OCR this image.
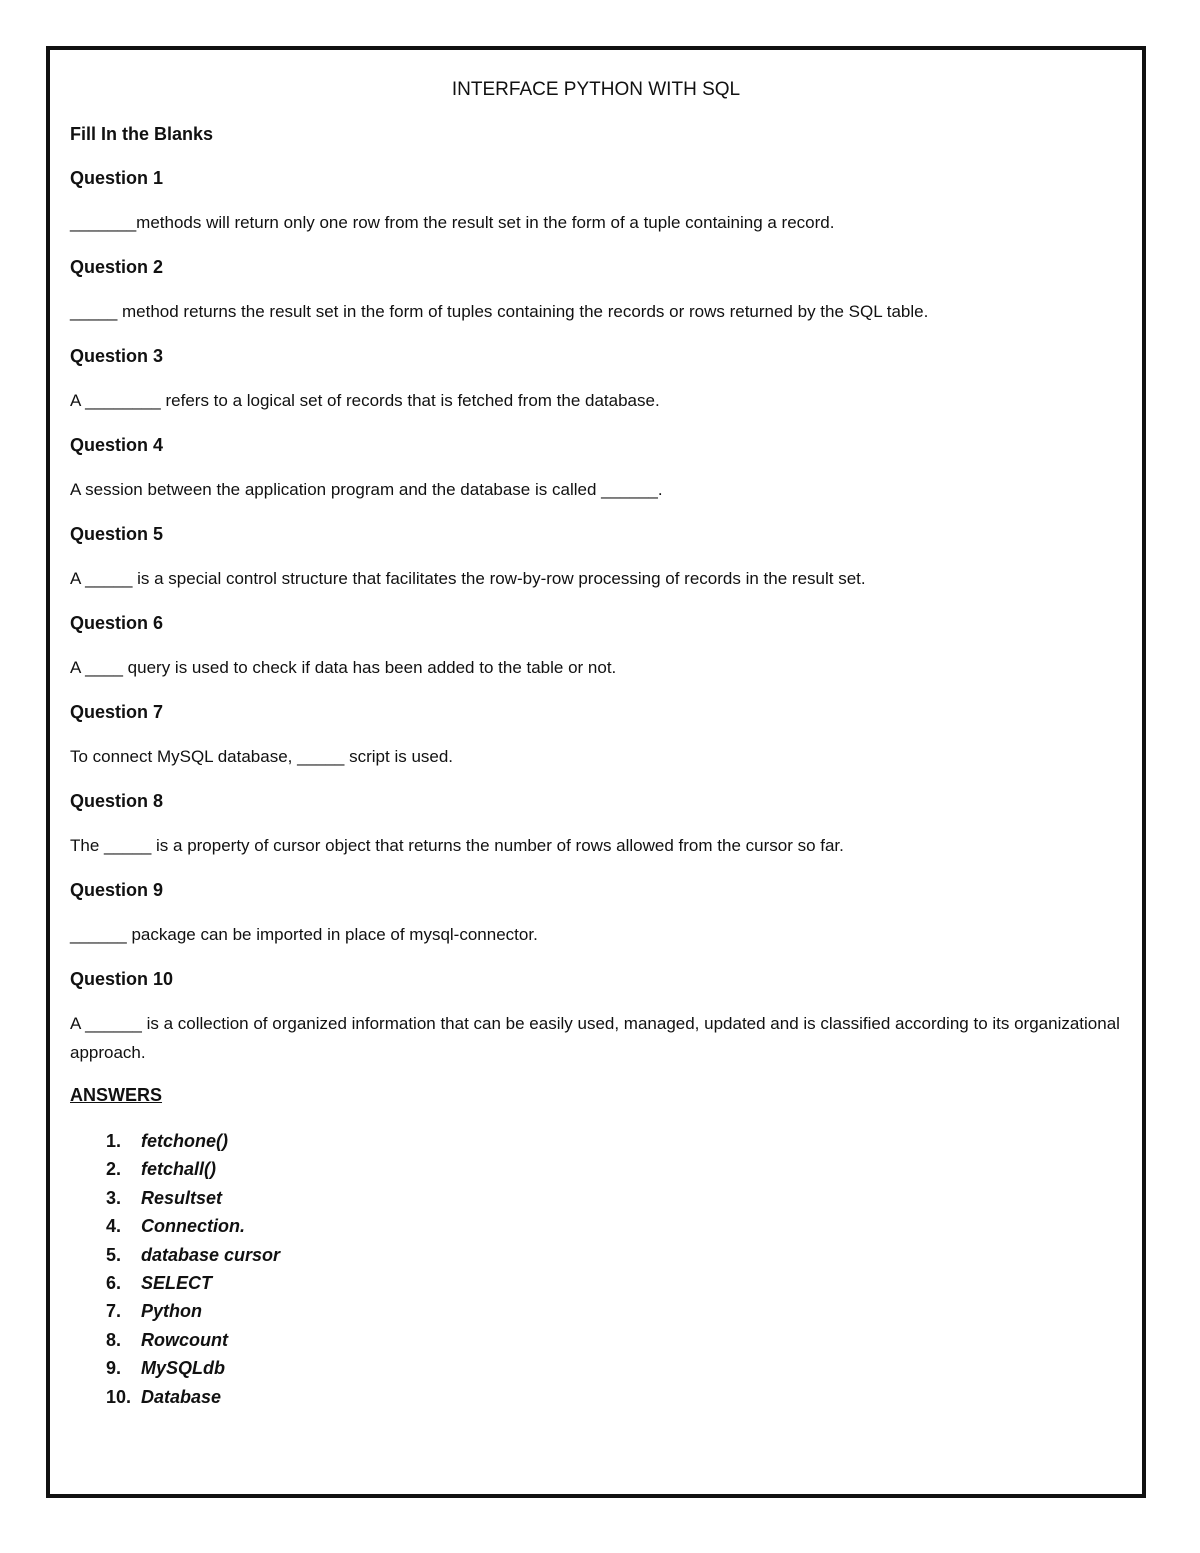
INTERFACE PYTHON WITH SQL
Fill In the Blanks
Question 1
_______methods will return only one row from the result set in the form of a tuple containing a record.
Question 2
_____ method returns the result set in the form of tuples containing the records or rows returned by the SQL table.
Question 3
A ________ refers to a logical set of records that is fetched from the database.
Question 4
A session between the application program and the database is called ______.
Question 5
A _____ is a special control structure that facilitates the row-by-row processing of records in the result set.
Question 6
A ____ query is used to check if data has been added to the table or not.
Question 7
To connect MySQL database, _____ script is used.
Question 8
The _____ is a property of cursor object that returns the number of rows allowed from the cursor so far.
Question 9
______ package can be imported in place of mysql-connector.
Question 10
A ______ is a collection of organized information that can be easily used, managed, updated and is classified according to its organizational approach.
ANSWERS
1.	fetchone()
2.	fetchall()
3.	Resultset
4.	Connection.
5.	database cursor
6.	SELECT
7.	Python
8.	Rowcount
9.	MySQLdb
10. Database
